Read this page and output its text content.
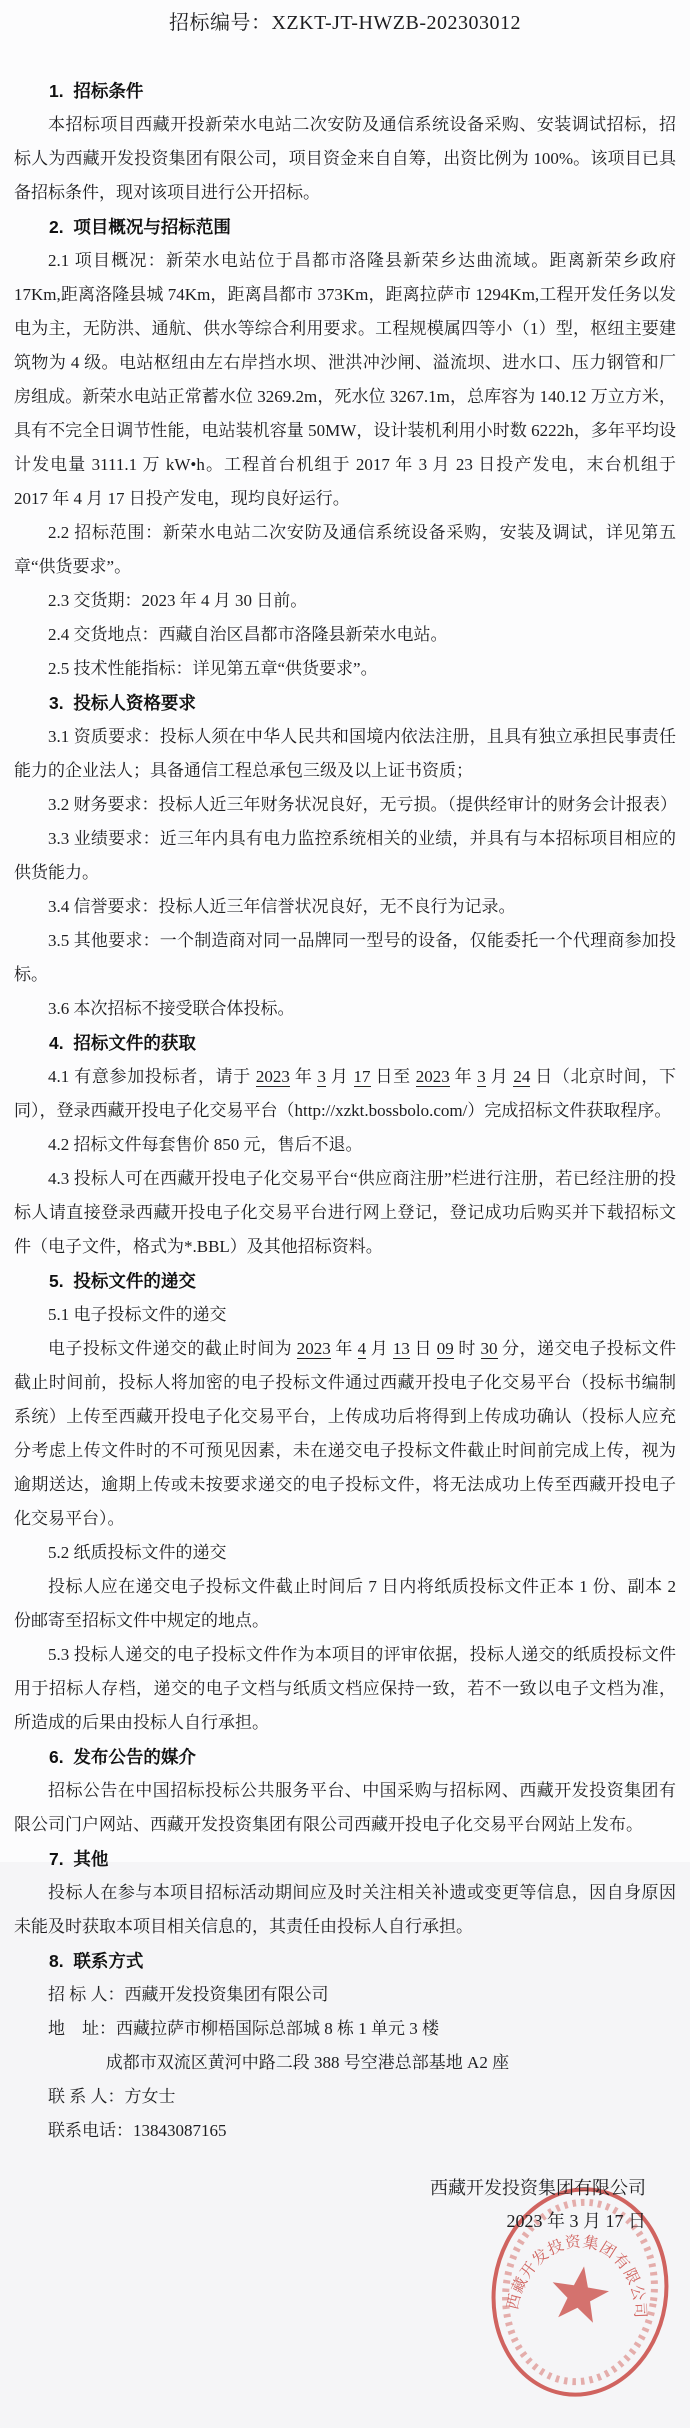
西藏开发投资集团有限公司
招标编号：XZKT-JT-HWZB-202303012
1.  招标条件

本招标项目西藏开投新荣水电站二次安防及通信系统设备采购、安装调试招标，招标人为西藏开发投资集团有限公司，项目资金来自自筹，出资比例为 100%。该项目已具备招标条件，现对该项目进行公开招标。

2.  项目概况与招标范围

2.1 项目概况：新荣水电站位于昌都市洛隆县新荣乡达曲流域。距离新荣乡政府 17Km,距离洛隆县城 74Km，距离昌都市 373Km，距离拉萨市 1294Km,工程开发任务以发电为主，无防洪、通航、供水等综合利用要求。工程规模属四等小（1）型，枢纽主要建筑物为 4 级。电站枢纽由左右岸挡水坝、泄洪冲沙闸、溢流坝、进水口、压力钢管和厂房组成。新荣水电站正常蓄水位 3269.2m，死水位 3267.1m，总库容为 140.12 万立方米，具有不完全日调节性能，电站装机容量 50MW，设计装机利用小时数 6222h，多年平均设计发电量 3111.1 万 kW•h。工程首台机组于 2017 年 3 月 23 日投产发电，末台机组于 2017 年 4 月 17 日投产发电，现均良好运行。

2.2 招标范围：新荣水电站二次安防及通信系统设备采购，安装及调试，详见第五章“供货要求”。

2.3 交货期：2023 年 4 月 30 日前。

2.4 交货地点：西藏自治区昌都市洛隆县新荣水电站。

2.5 技术性能指标：详见第五章“供货要求”。

3.  投标人资格要求

3.1 资质要求：投标人须在中华人民共和国境内依法注册，且具有独立承担民事责任能力的企业法人；具备通信工程总承包三级及以上证书资质；

3.2 财务要求：投标人近三年财务状况良好，无亏损。（提供经审计的财务会计报表）

3.3 业绩要求：近三年内具有电力监控系统相关的业绩，并具有与本招标项目相应的供货能力。

3.4 信誉要求：投标人近三年信誉状况良好，无不良行为记录。

3.5 其他要求：一个制造商对同一品牌同一型号的设备，仅能委托一个代理商参加投标。

3.6 本次招标不接受联合体投标。

4.  招标文件的获取

4.1 有意参加投标者，请于 2023 年 3 月 17 日至 2023 年 3 月 24 日（北京时间，下同），登录西藏开投电子化交易平台（http://xzkt.bossbolo.com/）完成招标文件获取程序。

4.2 招标文件每套售价 850 元，售后不退。

4.3 投标人可在西藏开投电子化交易平台“供应商注册”栏进行注册，若已经注册的投标人请直接登录西藏开投电子化交易平台进行网上登记，登记成功后购买并下载招标文件（电子文件，格式为*.BBL）及其他招标资料。

5.  投标文件的递交

5.1 电子投标文件的递交

电子投标文件递交的截止时间为 2023 年 4 月 13 日 09 时 30 分，递交电子投标文件截止时间前，投标人将加密的电子投标文件通过西藏开投电子化交易平台（投标书编制系统）上传至西藏开投电子化交易平台，上传成功后将得到上传成功确认（投标人应充分考虑上传文件时的不可预见因素，未在递交电子投标文件截止时间前完成上传，视为逾期送达，逾期上传或未按要求递交的电子投标文件，将无法成功上传至西藏开投电子化交易平台）。

5.2 纸质投标文件的递交

投标人应在递交电子投标文件截止时间后 7 日内将纸质投标文件正本 1 份、副本 2 份邮寄至招标文件中规定的地点。

5.3 投标人递交的电子投标文件作为本项目的评审依据，投标人递交的纸质投标文件用于招标人存档，递交的电子文档与纸质文档应保持一致，若不一致以电子文档为准，所造成的后果由投标人自行承担。

6.  发布公告的媒介

招标公告在中国招标投标公共服务平台、中国采购与招标网、西藏开发投资集团有限公司门户网站、西藏开发投资集团有限公司西藏开投电子化交易平台网站上发布。

7.  其他

投标人在参与本项目招标活动期间应及时关注相关补遗或变更等信息，因自身原因未能及时获取本项目相关信息的，其责任由投标人自行承担。

8.  联系方式

招 标 人：西藏开发投资集团有限公司

地    址：西藏拉萨市柳梧国际总部城 8 栋 1 单元 3 楼

成都市双流区黄河中路二段 388 号空港总部基地 A2 座

联 系 人：方女士

联系电话：13843087165

西藏开发投资集团有限公司

2023 年 3 月 17 日
